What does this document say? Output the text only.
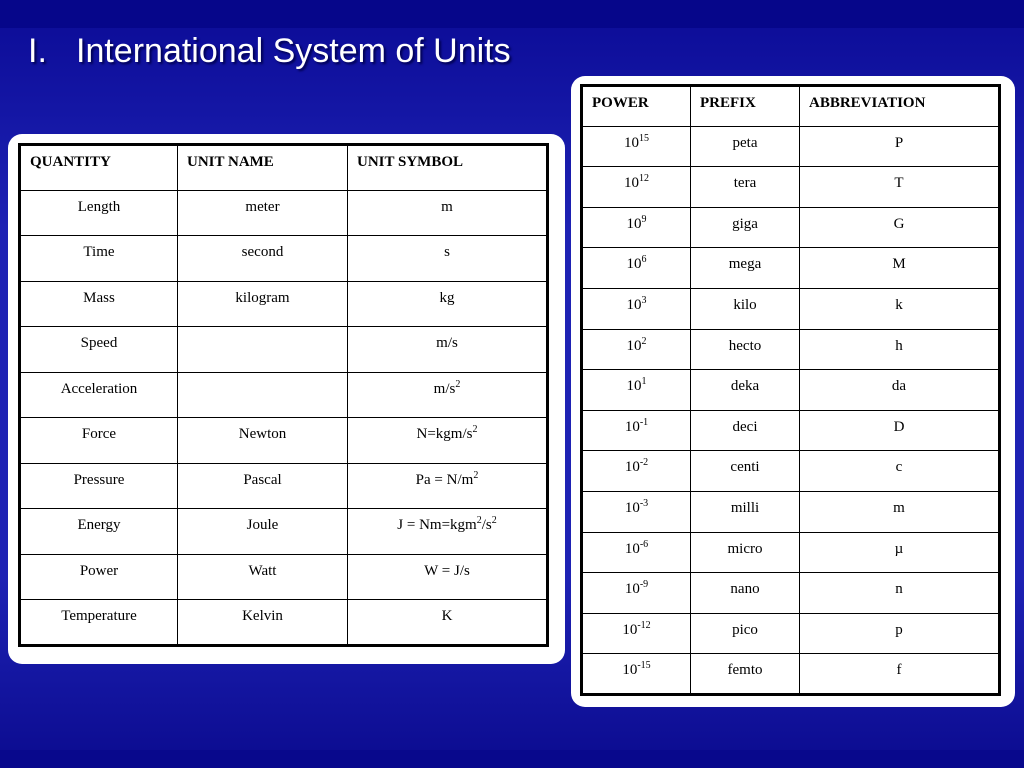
I. International System of Units
QUANTITY	UNIT NAME	UNIT SYMBOL
Length	meter	m
Time	second	s
Mass	kilogram	kg
Speed		m/s
Acceleration		$m/s^2$
Force	Newton	$N=kgm/s^2$
Pressure	Pascal	$Pa = N/m^2$
Energy	Joule	$J = Nm=kgm^2/s^2$
Power	Watt	W = J/s
Temperature	Kelvin	K
POWER	PREFIX	ABBREVIATION
$10^{15}$	peta	P
$10^{12}$	tera	T
$10^9$	giga	G
$10^6$	mega	M
$10^3$	kilo	k
$10^2$	hecto	h
$10^1$	deka	da
$10^{-1}$	deci	D
$10^{-2}$	centi	c
$10^{-3}$	milli	m
$10^{-6}$	micro	µ
$10^{-9}$	nano	n
$10^{-12}$	pico	p
$10^{-15}$	femto	f
